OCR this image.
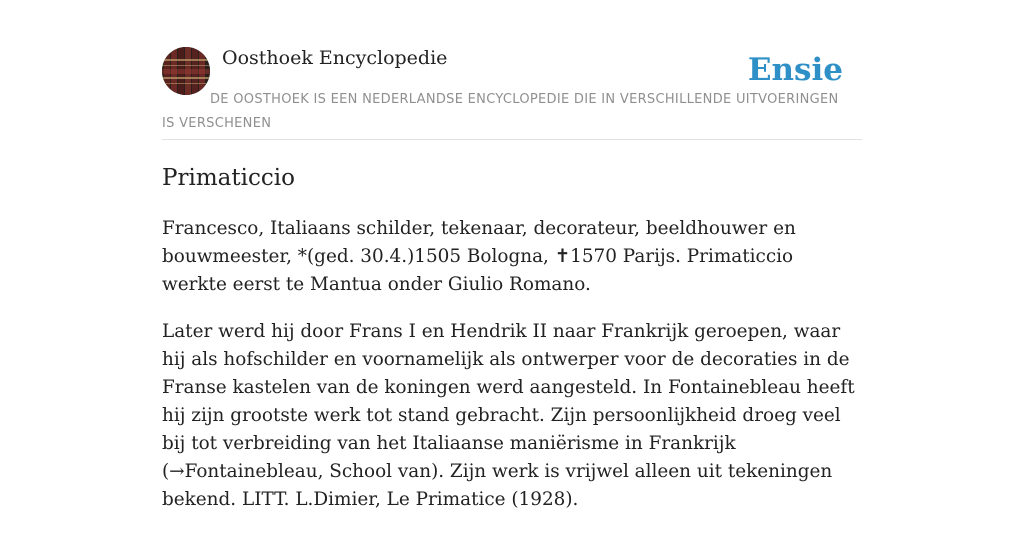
Oosthoek Encyclopedie	Ensie
DE OOSTHOEK IS EEN NEDERLANDSE ENCYCLOPEDIE DIE IN VERSCHILLENDE UITVOERINGEN IS VERSCHENEN
Primaticcio

Francesco, Italiaans schilder, tekenaar, decorateur, beeldhouwer en bouwmeester, *(ged. 30.4.)1505 Bologna, ✝1570 Parijs. Primaticcio werkte eerst te Mantua onder Giulio Romano.

Later werd hij door Frans I en Hendrik II naar Frankrijk geroepen, waar hij als hofschilder en voornamelijk als ontwerper voor de decoraties in de Franse kastelen van de koningen werd aangesteld. In Fontainebleau heeft hij zijn grootste werk tot stand gebracht. Zijn persoonlijkheid droeg veel bij tot verbreiding van het Italiaanse maniërisme in Frankrijk (→Fontainebleau, School van). Zijn werk is vrijwel alleen uit tekeningen bekend. LITT. L.Dimier, Le Primatice (1928).
